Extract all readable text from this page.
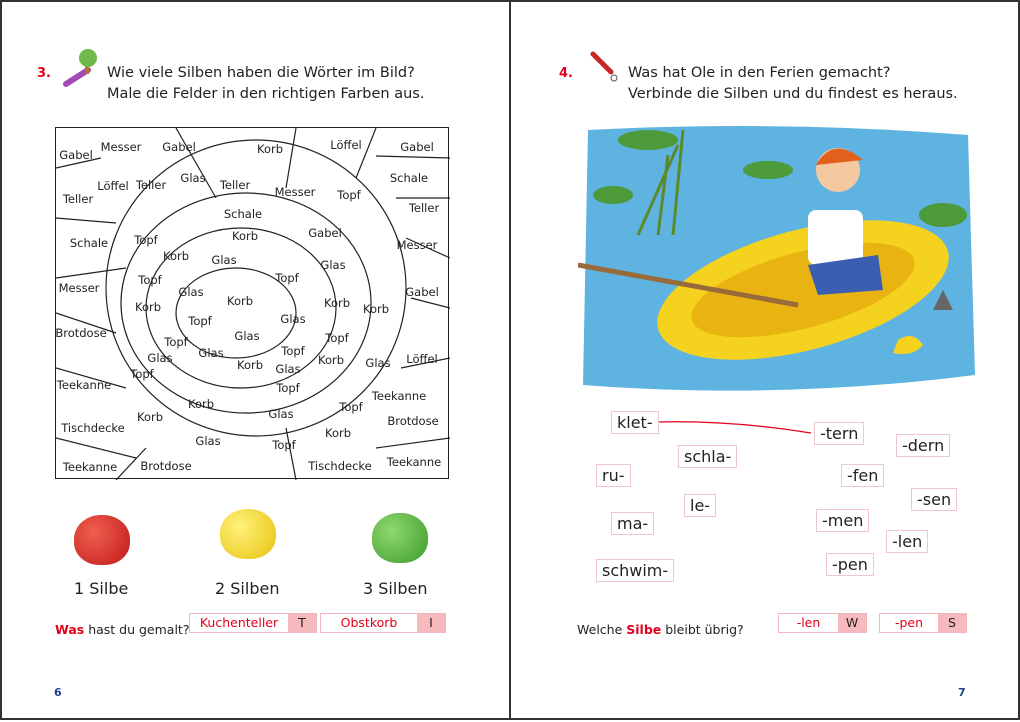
3.	Wie viele Silben haben die Wörter im Bild?
Male die Felder in den richtigen Farben aus.
Gabel
Messer Gabel	Korb	Löffel	Gabel
Teller
Löffel Teller Glas Teller Messer Topf
Schale
Schale	Teller
Schale Topf	Korb	Gabel
Messer
Korb Glas	Glas
Messer
Topf	Topf
Korb
Gabel
Glas
Korb	Korb
Korb
Topf	Glas
Brotdose
Topf	Glas	Topf
Glas
Korb
Topf
Korb Glas Löffel
Glas
Glas
Teekanne
Topf
Topf
Teekanne
Korb
Glas	Topf
Brotdose
Tischdecke
Korb
Korb
Glas	Topf
Teekanne Brotdose	Tischdecke Teekanne
1 Silbe	2 Silben	3 Silben
Was hast du gemalt? Kuchenteller	T	Obstkorb	I
6
4.	Was hat Ole in den Ferien gemacht?
Verbinde die Silben und du findest es heraus.
klet-
-tern
-dern
schla-
ru-	-fen
-sen
le-
ma-	-men
-len
schwim-	-pen
Welche Silbe bleibt übrig?	-len	W	-pen	S
7
